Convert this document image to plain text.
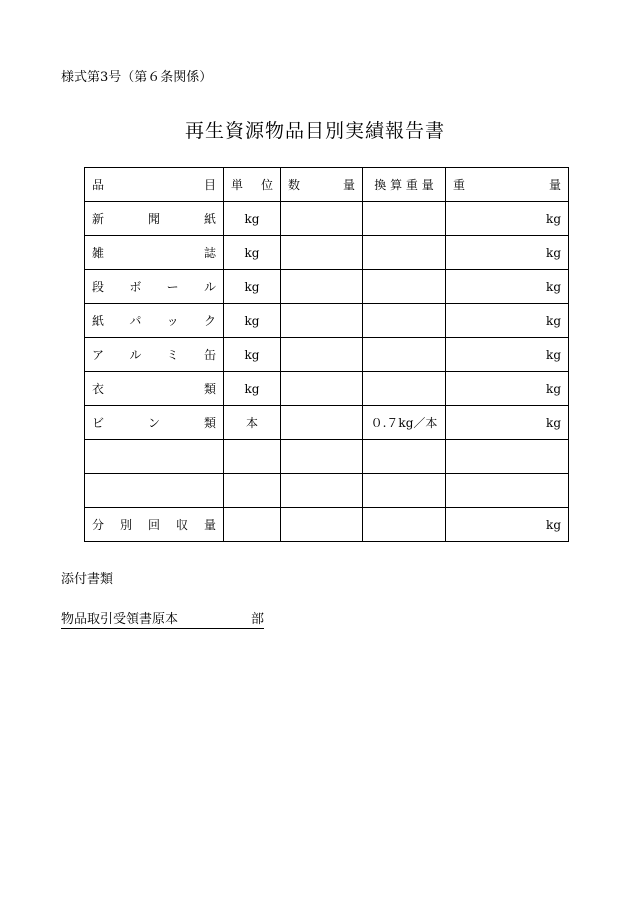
様式第3号（第６条関係）
再生資源物品目別実績報告書
品 目	単 位	数 量	換 算 重 量	重 量

新 聞 紙	kg			kg

雑 誌	kg			kg

段 ボ ー ル	kg			kg

紙 パ ッ ク	kg			kg

ア ル ミ 缶	kg			kg

衣 類	kg			kg

ビ ン 類	本		０.７kg／本	kg

分 別 回 収 量				kg
添付書類
物品取引受領書原本	部
